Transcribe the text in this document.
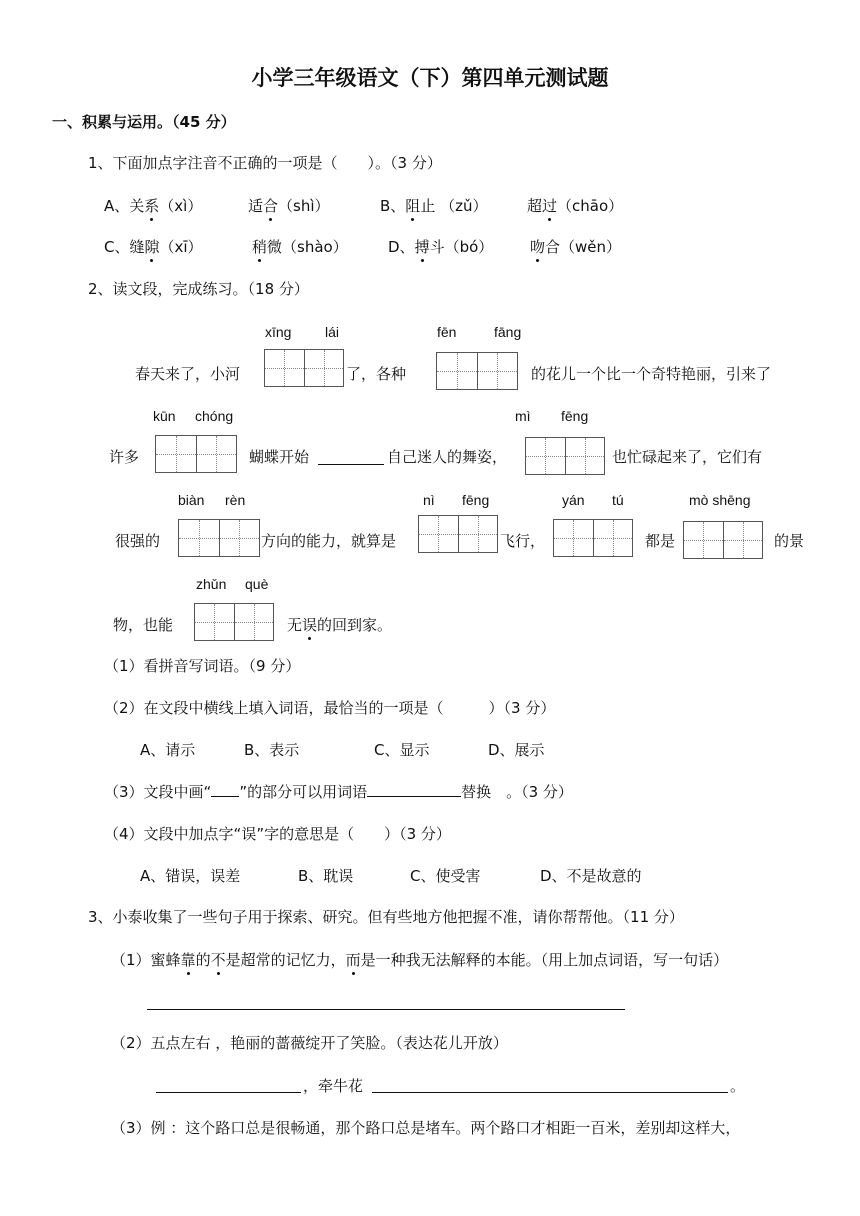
小学三年级语文（下）第四单元测试题
一、积累与运用。（45 分）
1、下面加点字注音不正确的一项是（　　）。（3 分）
A、关系（xì）	适合（shì）	B、阻止 （zǔ）	超过（chāo）
C、缝隙（xī）	稍微（shào）	D、搏斗（bó） 吻合（wěn）
2、读文段，完成练习。（18 分）
xīng lái	fēn	fāng
春天来了，小河	了，各种	的花儿一个比一个奇特艳丽，引来了
kūn chóng	mì fēng
许多	蝴蝶开始	自己迷人的舞姿，	也忙碌起来了，它们有
biàn rèn	nì fēng	yán tú	mò shēng
很强的	方向的能力，就算是	飞行，	都是	的景
zhǔn què
物，也能	无误的回到家。
（1）看拼音写词语。（9 分）
（2）在文段中横线上填入词语，最恰当的一项是（　　　）（3 分）
A、请示	B、表示	C、显示	D、展示
（3）文段中画“ ”的部分可以用词语	替换　。（3 分）
（4）文段中加点字“误”字的意思是（　　）（3 分）
A、错误，误差	B、耽误	C、使受害	D、不是故意的
3、小泰收集了一些句子用于探索、研究。但有些地方他把握不准，请你帮帮他。（11 分）
（1）蜜蜂靠的不是超常的记忆力，而是一种我无法解释的本能。（用上加点词语，写一句话）
（2）五点左右 ，艳丽的蔷薇绽开了笑脸。（表达花儿开放）
，牵牛花	。
（3）例 ：这个路口总是很畅通，那个路口总是堵车。两个路口才相距一百米，差别却这样大，
